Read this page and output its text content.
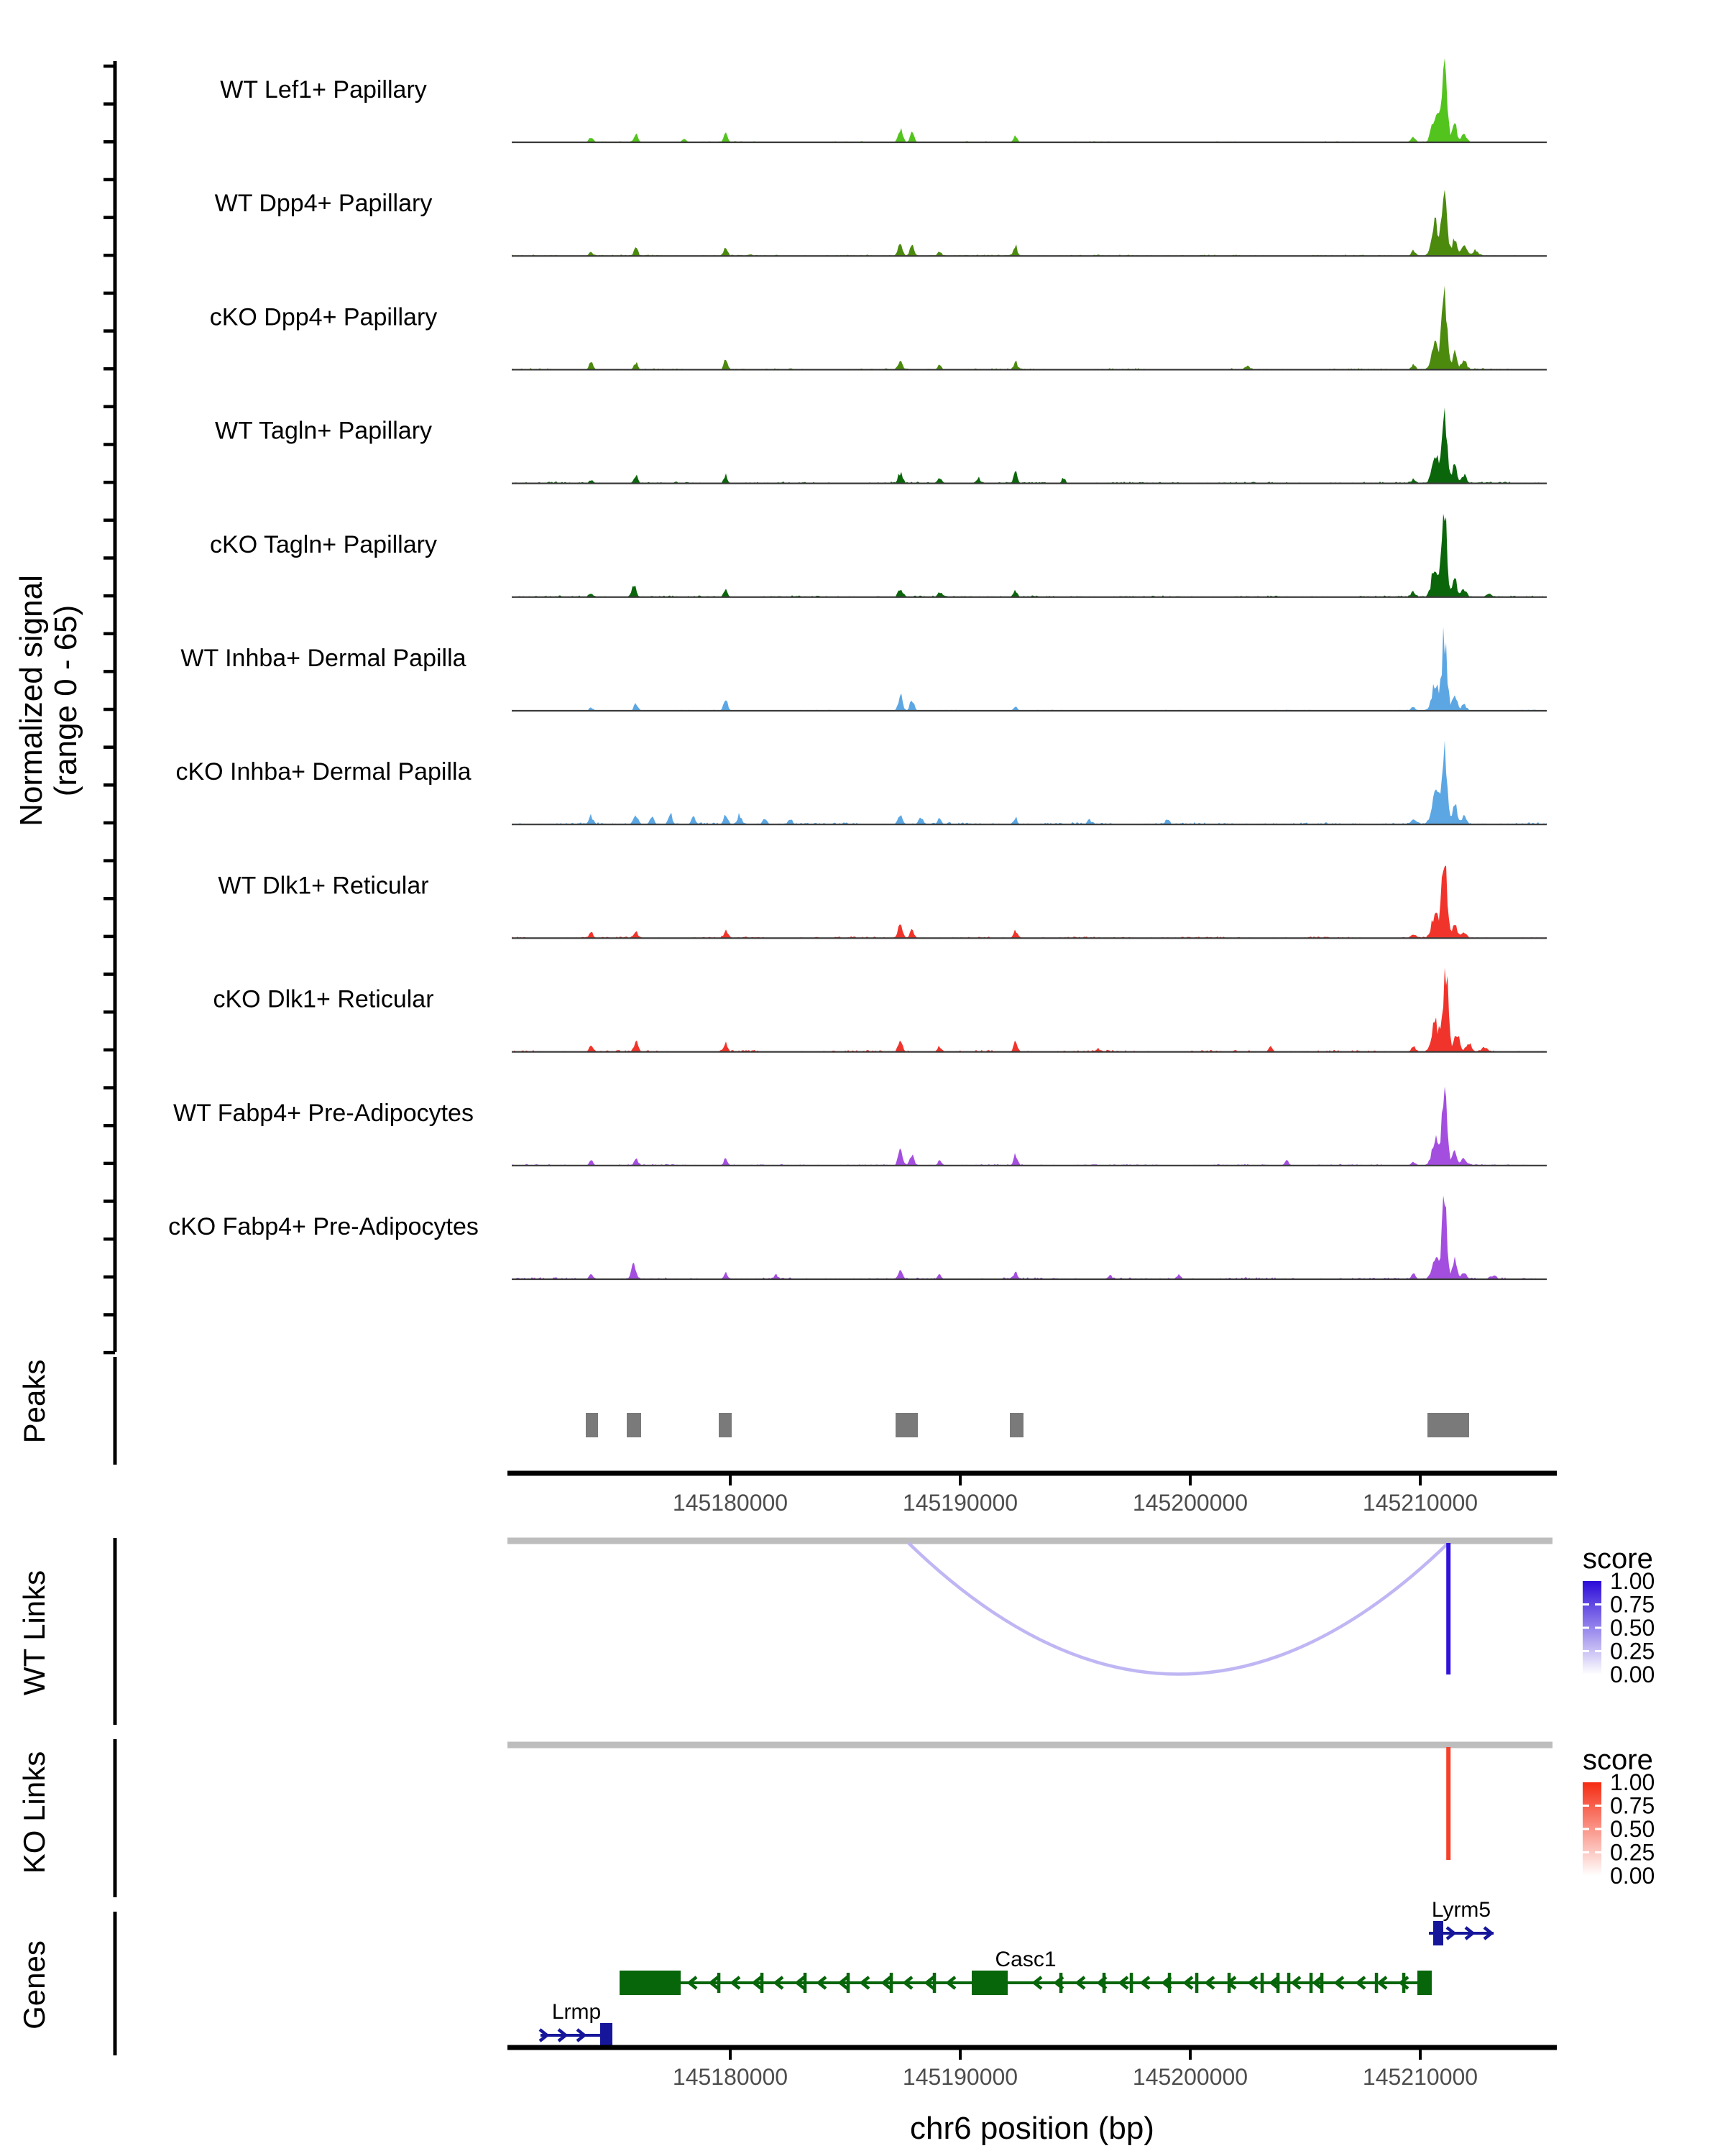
WT Lef1+ Papillary
WT Dpp4+ Papillary
cKO Dpp4+ Papillary
WT Tagln+ Papillary
cKO Tagln+ Papillary
WT Inhba+ Dermal Papilla
cKO Inhba+ Dermal Papilla
WT Dlk1+ Reticular
cKO Dlk1+ Reticular
WT Fabp4+ Pre-Adipocytes
cKO Fabp4+ Pre-Adipocytes
145180000	145190000	145200000	145210000
1.00
0.75
0.50
0.25
0.00
1.00
0.75
0.50
0.25
0.00
Lyrm5
Casc1
Lrmp
145180000	145190000	145200000	145210000
Normalized signal (range 0 - 65)
Peaks
WT Links
KO Links
Genes
score
score
chr6 position (bp)
